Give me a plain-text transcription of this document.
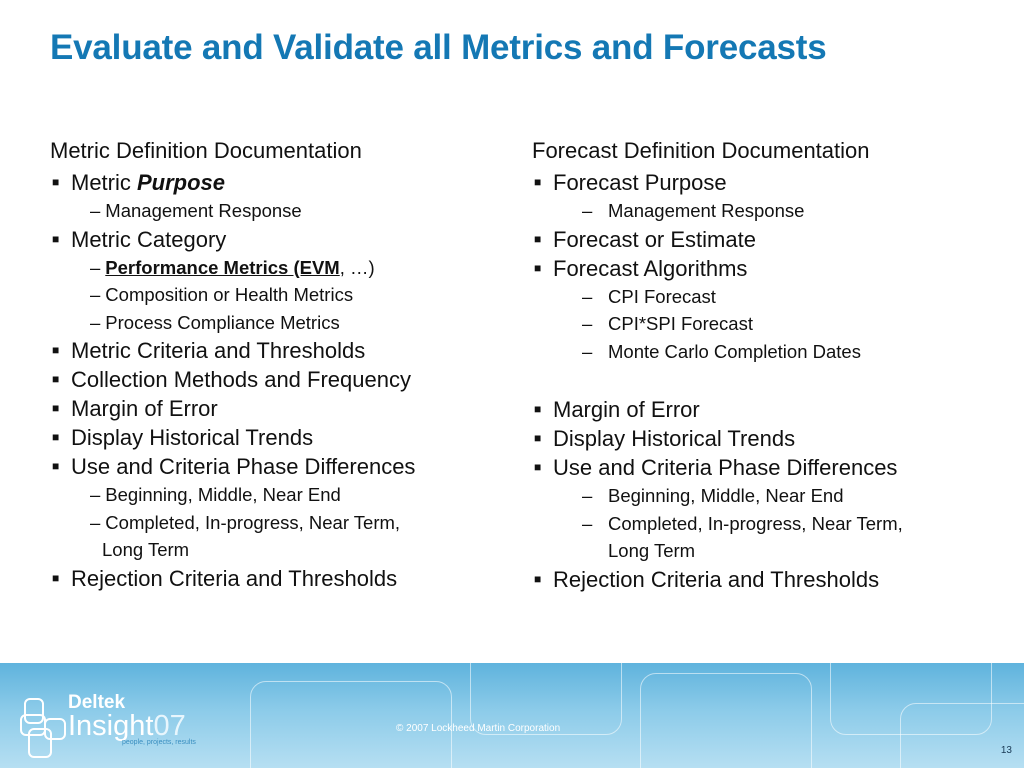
Evaluate and Validate all Metrics and Forecasts
Metric Definition Documentation
■ Metric Purpose
– Management Response
■ Metric Category
– Performance Metrics (EVM, …)
– Composition or Health Metrics
– Process Compliance Metrics
■ Metric Criteria and Thresholds
■ Collection Methods and Frequency
■ Margin of Error
■ Display Historical Trends
■ Use and Criteria Phase Differences
– Beginning, Middle, Near End
– Completed, In-progress, Near Term,
Long Term
■ Rejection Criteria and Thresholds
Forecast Definition Documentation
■ Forecast Purpose
– Management Response
■ Forecast or Estimate
■ Forecast Algorithms
– CPI Forecast
– CPI*SPI Forecast
– Monte Carlo Completion Dates
■ Margin of Error
■ Display Historical Trends
■ Use and Criteria Phase Differences
– Beginning, Middle, Near End
– Completed, In-progress, Near Term,
Long Term
■ Rejection Criteria and Thresholds
Deltek
Insight07
people, projects, results
© 2007 Lockheed Martin Corporation
13
